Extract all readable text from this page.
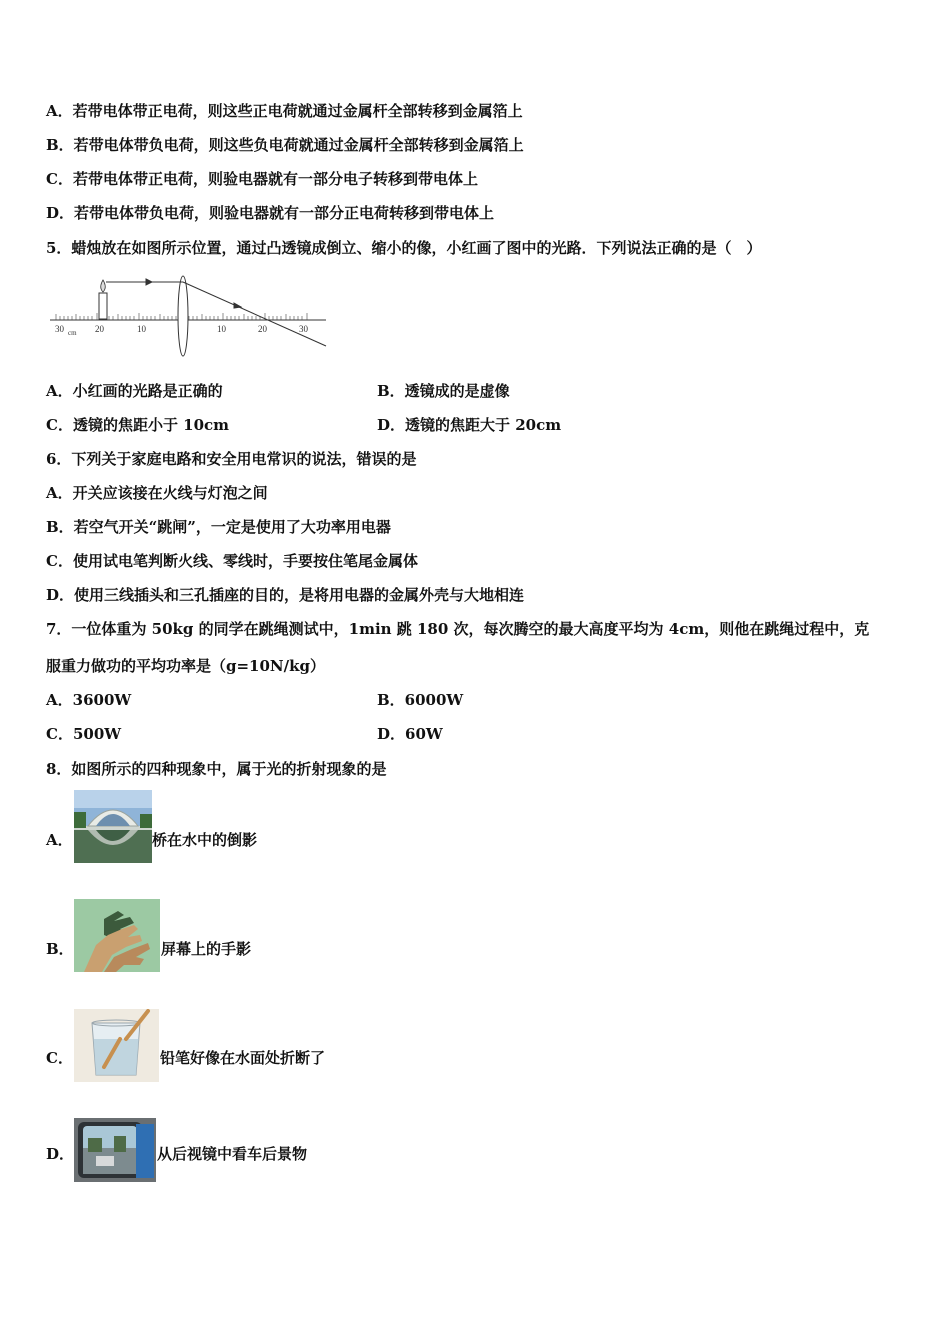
A．若带电体带正电荷，则这些正电荷就通过金属杆全部转移到金属箔上
B．若带电体带负电荷，则这些负电荷就通过金属杆全部转移到金属箔上
C．若带电体带正电荷，则验电器就有一部分电子转移到带电体上
D．若带电体带负电荷，则验电器就有一部分正电荷转移到带电体上
5．蜡烛放在如图所示位置，通过凸透镜成倒立、缩小的像，小红画了图中的光路．下列说法正确的是（　）
30 cm 20	10	10	20	30
A．小红画的光路是正确的	B．透镜成的是虚像
C．透镜的焦距小于 10cm	D．透镜的焦距大于 20cm
6．下列关于家庭电路和安全用电常识的说法，错误的是
A．开关应该接在火线与灯泡之间
B．若空气开关“跳闸”，一定是使用了大功率用电器
C．使用试电笔判断火线、零线时，手要按住笔尾金属体
D．使用三线插头和三孔插座的目的，是将用电器的金属外壳与大地相连
7．一位体重为 50kg 的同学在跳绳测试中，1min 跳 180 次，每次腾空的最大高度平均为 4cm，则他在跳绳过程中，克
服重力做功的平均功率是（g=10N/kg）
A．3600W	B．6000W
C．500W	D．60W
8．如图所示的四种现象中，属于光的折射现象的是
A．	桥在水中的倒影
B．	屏幕上的手影
C．	铅笔好像在水面处折断了
D．	从后视镜中看车后景物
